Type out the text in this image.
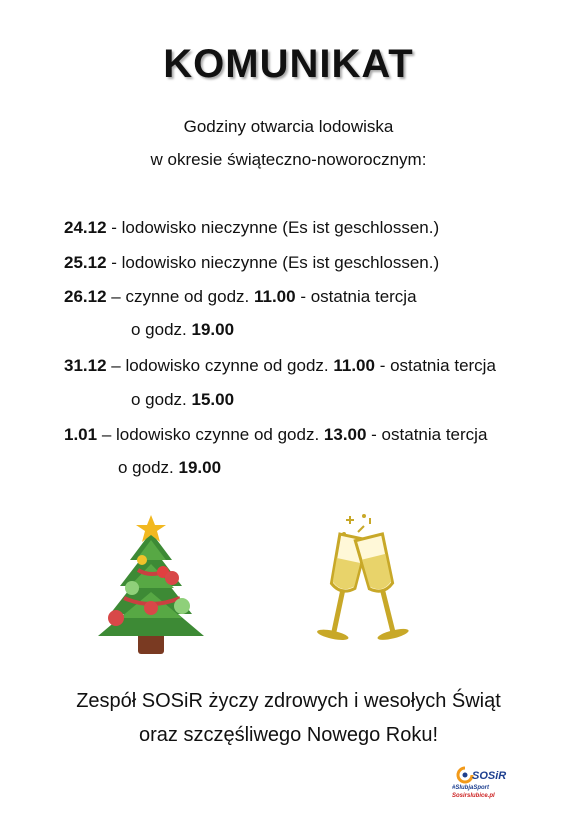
KOMUNIKAT
Godziny otwarcia lodowiska
w okresie świąteczno-noworocznym:
24.12 - lodowisko nieczynne (Es ist geschlossen.)
25.12 - lodowisko nieczynne (Es ist geschlossen.)
26.12 – czynne od godz. 11.00 - ostatnia tercja
o godz. 19.00
31.12 – lodowisko czynne od godz. 11.00 - ostatnia tercja
o godz. 15.00
1.01 – lodowisko czynne od godz. 13.00 - ostatnia tercja
o godz. 19.00
Zespół SOSiR życzy zdrowych i wesołych Świąt
oraz szczęśliwego Nowego Roku!
SOSiR
#SlubjaSport
Sosirslubice.pl
